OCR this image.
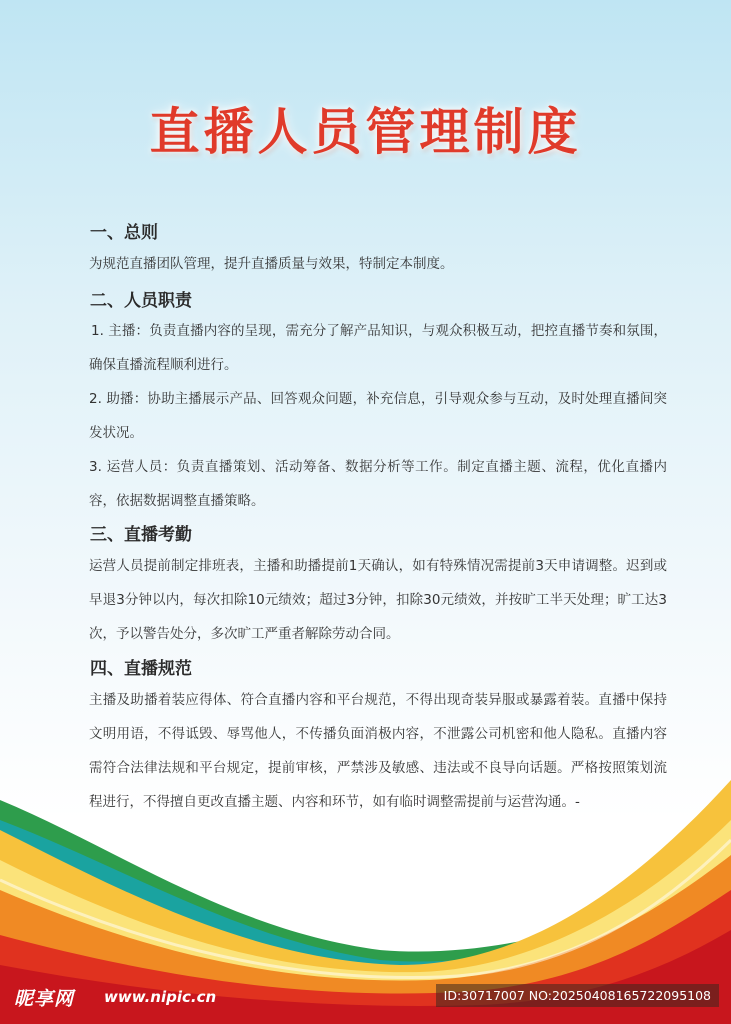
直播人员管理制度
一、总则
为规范直播团队管理，提升直播质量与效果，特制定本制度。
二、人员职责
1. 主播：负责直播内容的呈现，需充分了解产品知识，与观众积极互动，把控直播节奏和氛围，确保直播流程顺利进行。
2. 助播：协助主播展示产品、回答观众问题，补充信息，引导观众参与互动，及时处理直播间突发状况。
3. 运营人员：负责直播策划、活动筹备、数据分析等工作。制定直播主题、流程，优化直播内容，依据数据调整直播策略。
三、直播考勤
运营人员提前制定排班表，主播和助播提前1天确认，如有特殊情况需提前3天申请调整。迟到或早退3分钟以内，每次扣除10元绩效；超过3分钟，扣除30元绩效，并按旷工半天处理；旷工达3次，予以警告处分，多次旷工严重者解除劳动合同。
四、直播规范
主播及助播着装应得体、符合直播内容和平台规范，不得出现奇装异服或暴露着装。直播中保持文明用语，不得诋毁、辱骂他人，不传播负面消极内容，不泄露公司机密和他人隐私。直播内容需符合法律法规和平台规定，提前审核，严禁涉及敏感、违法或不良导向话题。严格按照策划流程进行，不得擅自更改直播主题、内容和环节，如有临时调整需提前与运营沟通。-
昵享网 www.nipic.cn	ID:30717007 NO:20250408165722095108
